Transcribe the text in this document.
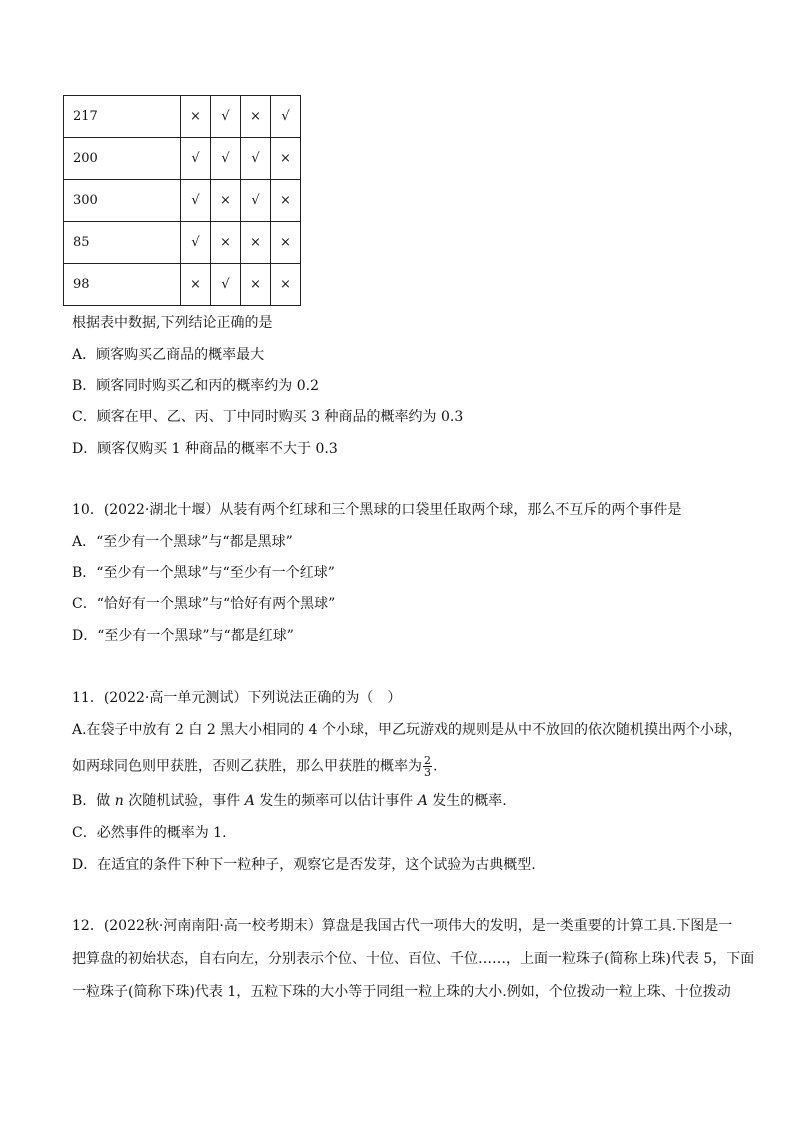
217	×	√	×	√
200	√	√	√	×
300	√	×	√	×
85	√	×	×	×
98	×	√	×	×
根据表中数据,下列结论正确的是
A．顾客购买乙商品的概率最大
B．顾客同时购买乙和丙的概率约为 0.2
C．顾客在甲、乙、丙、丁中同时购买 3 种商品的概率约为 0.3
D．顾客仅购买 1 种商品的概率不大于 0.3
10．(2022·湖北十堰）从装有两个红球和三个黑球的口袋里任取两个球，那么不互斥的两个事件是
A．“至少有一个黑球”与“都是黑球”
B．“至少有一个黑球”与“至少有一个红球”
C．“恰好有一个黑球”与“恰好有两个黑球”
D．“至少有一个黑球”与“都是红球”
11．(2022·高一单元测试）下列说法正确的为（　）
A.在袋子中放有 2 白 2 黑大小相同的 4 个小球，甲乙玩游戏的规则是从中不放回的依次随机摸出两个小球，
如两球同色则甲获胜，否则乙获胜，那么甲获胜的概率为 $\frac{2}{3}$ .
B．做 n 次随机试验，事件 A 发生的频率可以估计事件 A 发生的概率.
C．必然事件的概率为 1.
D．在适宜的条件下种下一粒种子，观察它是否发芽，这个试验为古典概型.
12．(2022秋·河南南阳·高一校考期末）算盘是我国古代一项伟大的发明，是一类重要的计算工具.下图是一
把算盘的初始状态，自右向左，分别表示个位、十位、百位、千位……，上面一粒珠子(简称上珠)代表 5，下面
一粒珠子(简称下珠)代表 1，五粒下珠的大小等于同组一粒上珠的大小.例如，个位拨动一粒上珠、十位拨动
